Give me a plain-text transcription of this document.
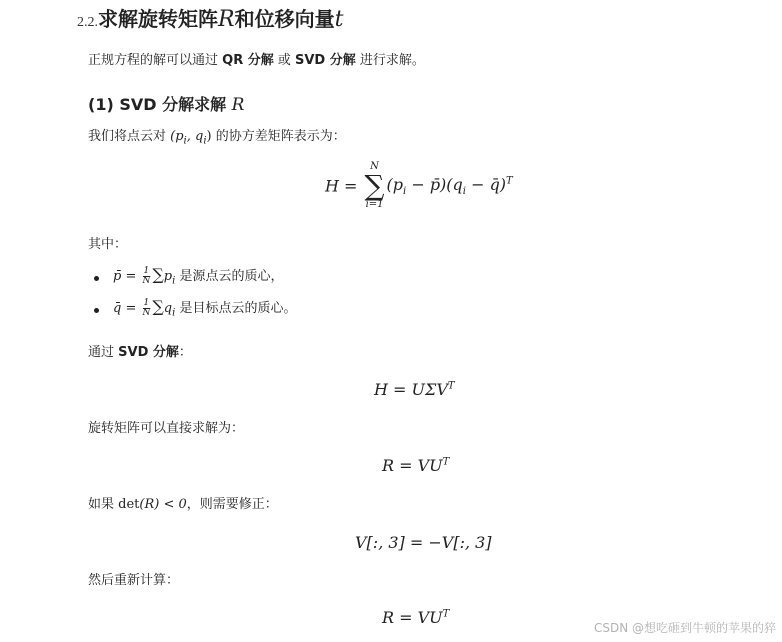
2.2. 求解旋转矩阵 R 和位移向量 t
正规方程的解可以通过 QR 分解 或 SVD 分解 进行求解。
(1) SVD 分解求解 R
我们将点云对 ($p_i$, $q_i$) 的协方差矩阵表示为：
H =
N
∑
i=1
($p_i$ − $p̄)(q_i$ − q̄)$^T$
其中：
p̄ = $\frac{1}{N} \sum p_i$ 是源点云的质心，
q̄ = $\frac{1}{N} \sum q_i$ 是目标点云的质心。
通过 SVD 分解：
$H = U\Sigma V^T$
旋转矩阵可以直接求解为：
$R = VU^T$
如果 det(R) < 0，则需要修正：
V[:, 3] = −V[:, 3]
然后重新计算：
$R = VU^T$
CSDN @想吃砸到牛顿的苹果的猝
